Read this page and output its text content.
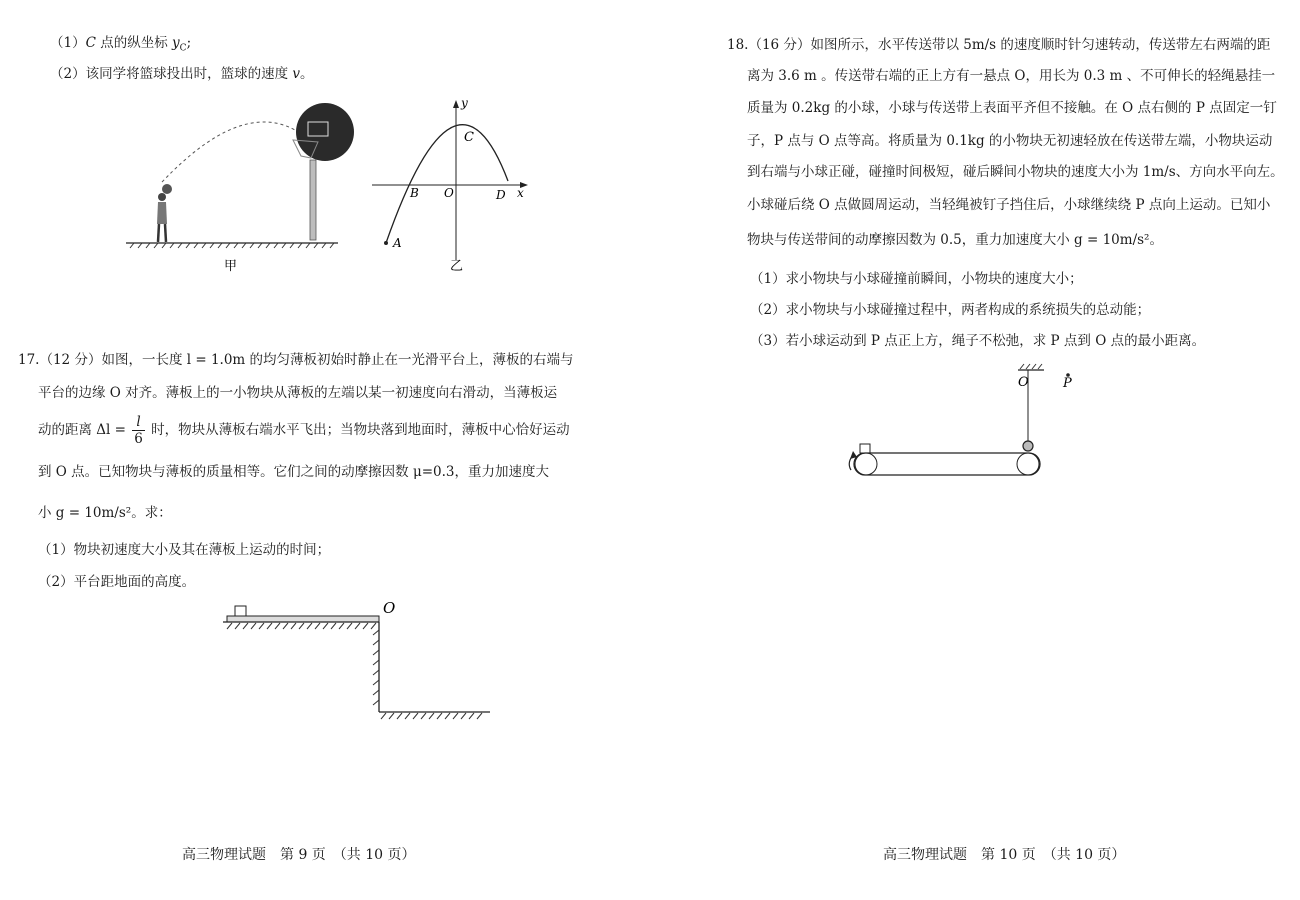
（1）C 点的纵坐标 $y_C$;
（2）该同学将篮球投出时，篮球的速度 v。
甲
y
x
C
B O	D
A
乙
17.（12 分）如图，一长度 l = 1.0m 的均匀薄板初始时静止在一光滑平台上，薄板的右端与
平台的边缘 O 对齐。薄板上的一小物块从薄板的左端以某一初速度向右滑动，当薄板运
动的距离 $\Delta l = \frac{l}{6}$ 时，物块从薄板右端水平飞出；当物块落到地面时，薄板中心恰好运动
到 O 点。已知物块与薄板的质量相等。它们之间的动摩擦因数 μ=0.3，重力加速度大
小 g = 10m/s²。求：
（1）物块初速度大小及其在薄板上运动的时间；
（2）平台距地面的高度。
O
高三物理试题　第 9 页　（共 10 页）
18.（16 分）如图所示，水平传送带以 5m/s 的速度顺时针匀速转动，传送带左右两端的距
离为 3.6 m 。传送带右端的正上方有一悬点 O，用长为 0.3 m 、不可伸长的轻绳悬挂一
质量为 0.2kg 的小球，小球与传送带上表面平齐但不接触。在 O 点右侧的 P 点固定一钉
子，P 点与 O 点等高。将质量为 0.1kg 的小物块无初速轻放在传送带左端，小物块运动
到右端与小球正碰，碰撞时间极短，碰后瞬间小物块的速度大小为 1m/s、方向水平向左。
小球碰后绕 O 点做圆周运动，当轻绳被钉子挡住后，小球继续绕 P 点向上运动。已知小
物块与传送带间的动摩擦因数为 0.5，重力加速度大小 g = 10m/s²。
（1）求小物块与小球碰撞前瞬间，小物块的速度大小；
（2）求小物块与小球碰撞过程中，两者构成的系统损失的总动能；
（3）若小球运动到 P 点正上方，绳子不松弛，求 P 点到 O 点的最小距离。
O	P
高三物理试题　第 10 页　（共 10 页）
